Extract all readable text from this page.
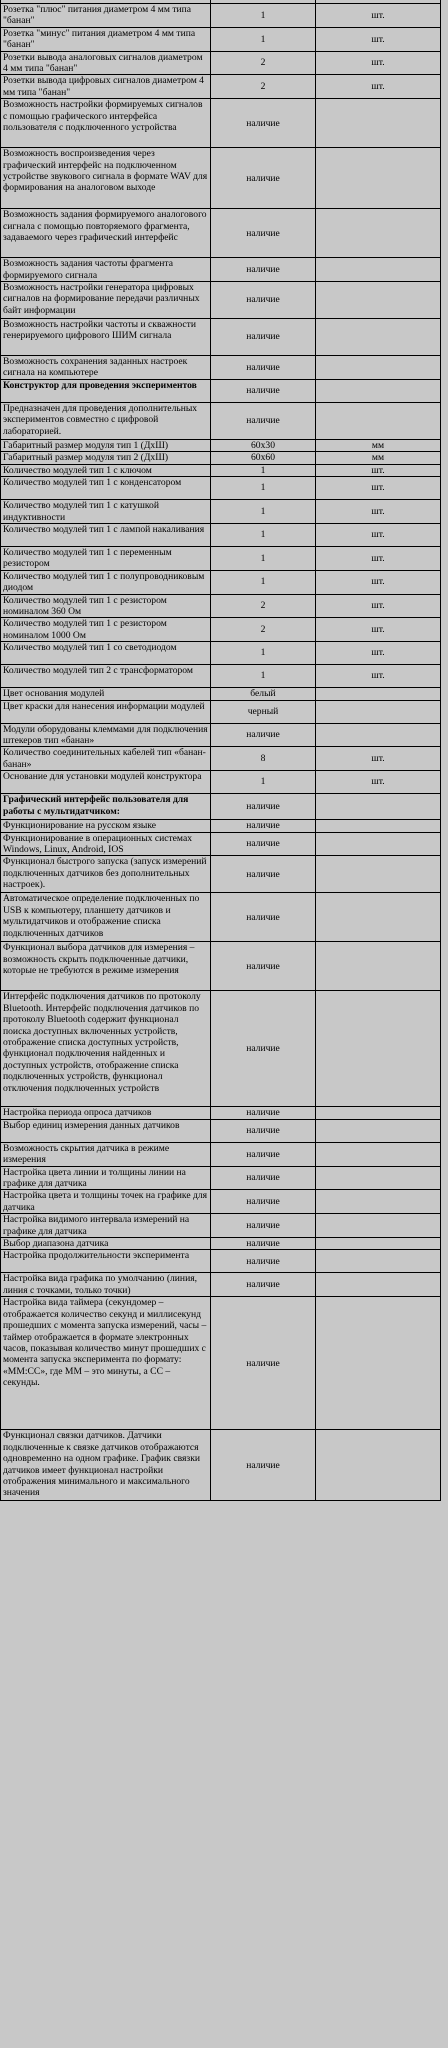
Розетка "плюс" питания диаметром 4 мм типа "банан"	1	шт.
Розетка "минус" питания диаметром 4 мм типа "банан"	1	шт.
Розетки вывода аналоговых сигналов диаметром 4 мм типа "банан"	2	шт.
Розетки вывода цифровых сигналов диаметром 4 мм типа "банан"	2	шт.
Возможность настройки формируемых сигналов с помощью графического интерфейса пользователя с подключенного устройства	наличие	
Возможность воспроизведения через графический интерфейс на подключенном устройстве звукового сигнала в формате WAV для формирования на аналоговом выходе	наличие	
Возможность задания формируемого аналогового сигнала с помощью повторяемого фрагмента, задаваемого через графический интерфейс	наличие	
Возможность задания частоты фрагмента формируемого сигнала	наличие	
Возможность настройки генератора цифровых сигналов на формирование передачи различных байт информации	наличие	
Возможность настройки частоты и скважности генерируемого цифрового ШИМ сигнала	наличие	
Возможность сохранения заданных настроек сигнала на компьютере	наличие	
Конструктор для проведения экспериментов	наличие	
Предназначен для проведения дополнительных экспериментов совместно с цифровой лабораторией.	наличие	
Габаритный размер модуля тип 1 (ДхШ)	60х30	мм
Габаритный размер модуля тип 2 (ДхШ)	60х60	мм
Количество модулей тип 1 с ключом	1	шт.
Количество модулей тип 1 с конденсатором	1	шт.
Количество модулей тип 1 с катушкой индуктивности	1	шт.
Количество модулей тип 1 с лампой накаливания	1	шт.
Количество модулей тип 1 с переменным резистором	1	шт.
Количество модулей тип 1 с полупроводниковым диодом	1	шт.
Количество модулей тип 1 с резистором номиналом 360 Ом	2	шт.
Количество модулей тип 1 с резистором номиналом 1000 Ом	2	шт.
Количество модулей тип 1 со светодиодом	1	шт.
Количество модулей тип 2 с трансформатором	1	шт.
Цвет основания модулей	белый	
Цвет краски для нанесения информации модулей	черный	
Модули оборудованы клеммами для подключения штекеров тип «банан»	наличие	
Количество соединительных кабелей тип «банан-банан»	8	шт.
Основание для установки модулей конструктора	1	шт.
Графический интерфейс пользователя для работы с мультидатчиком:	наличие	
Функционирование на русском языке	наличие	
Функционирование в операционных системах Windows, Linux, Android, IOS	наличие	
Функционал быстрого запуска (запуск измерений подключенных датчиков без дополнительных настроек).	наличие	
Автоматическое определение подключенных по USB к компьютеру, планшету датчиков и мультидатчиков и отображение списка подключенных датчиков	наличие	
Функционал выбора датчиков для измерения – возможность скрыть подключенные датчики, которые не требуются в режиме измерения	наличие	
Интерфейс подключения датчиков по протоколу Bluetooth. Интерфейс подключения датчиков по протоколу Bluetooth содержит функционал поиска доступных включенных устройств, отображение списка доступных устройств, функционал подключения найденных и доступных устройств, отображение списка подключенных устройств, функционал отключения подключенных устройств	наличие	
Настройка периода опроса датчиков	наличие	
Выбор единиц измерения данных датчиков	наличие	
Возможность скрытия датчика в режиме измерения	наличие	
Настройка цвета линии и толщины линии на графике для датчика	наличие	
Настройка цвета и толщины точек на графике для датчика	наличие	
Настройка видимого интервала измерений на графике для датчика	наличие	
Выбор диапазона датчика	наличие	
Настройка продолжительности эксперимента	наличие	
Настройка вида графика по умолчанию (линия, линия с точками, только точки)	наличие	
Настройка вида таймера (секундомер – отображается количество секунд и миллисекунд прошедших с момента запуска измерений, часы – таймер отображается в формате электронных часов, показывая количество минут прошедших с момента запуска эксперимента по формату: «ММ:СС», где ММ – это минуты, а СС – секунды.	наличие	
Функционал связки датчиков. Датчики подключенные к связке датчиков отображаются одновременно на одном графике. График связки датчиков имеет функционал настройки отображения минимального и максимального значения	наличие	
